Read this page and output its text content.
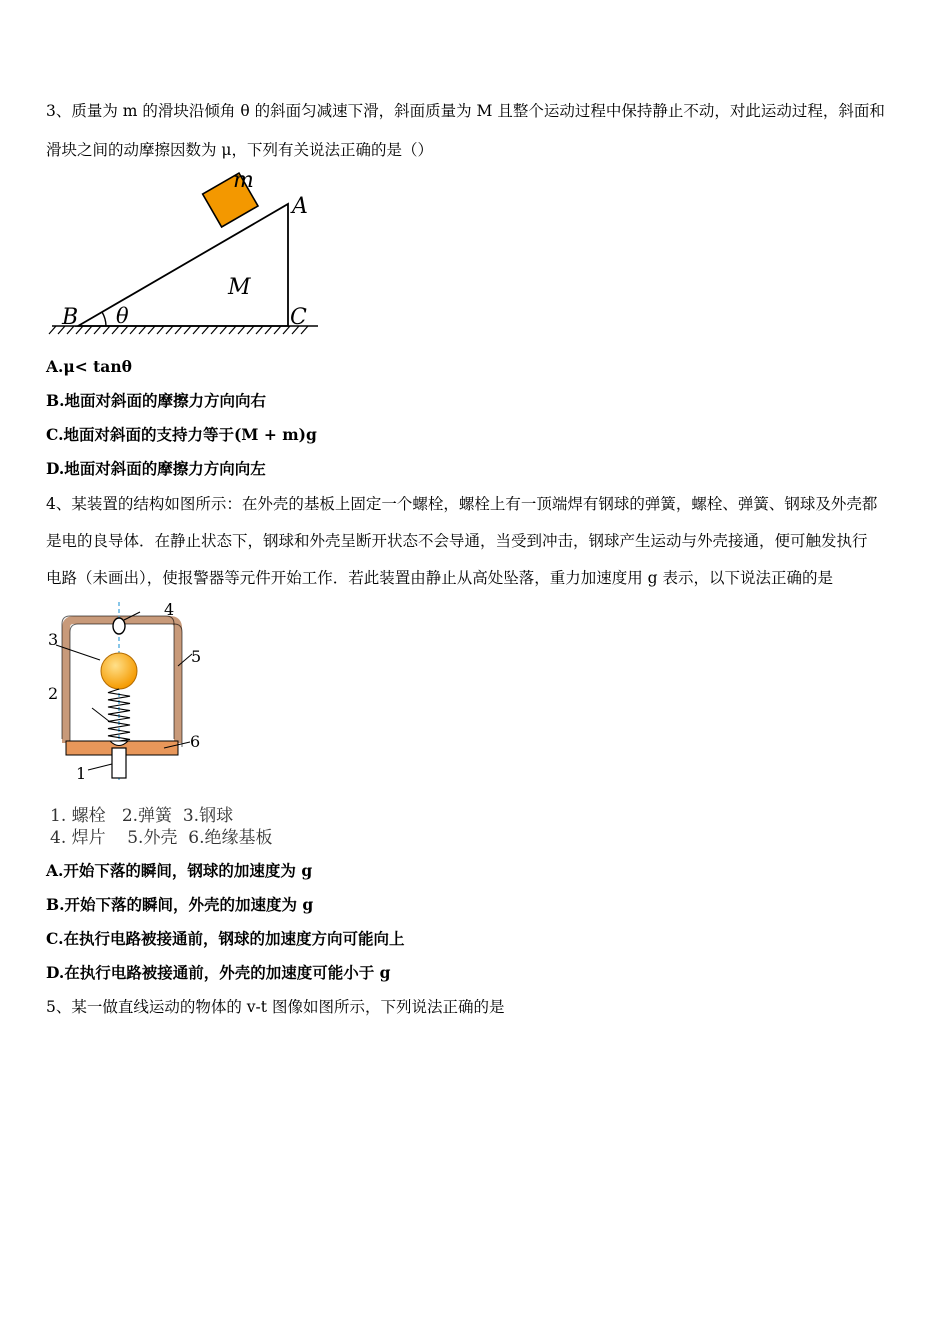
3、质量为 m 的滑块沿倾角 θ 的斜面匀减速下滑，斜面质量为 M 且整个运动过程中保持静止不动，对此运动过程，斜面和
滑块之间的动摩擦因数为 μ，下列有关说法正确的是（）
m
A
M
B θ	C
A.μ< tanθ
B.地面对斜面的摩擦力方向向右
C.地面对斜面的支持力等于(M + m)g
D.地面对斜面的摩擦力方向向左
4、某装置的结构如图所示：在外壳的基板上固定一个螺栓，螺栓上有一顶端焊有钢球的弹簧，螺栓、弹簧、钢球及外壳都
是电的良导体．在静止状态下，钢球和外壳呈断开状态不会导通，当受到冲击，钢球产生运动与外壳接通，便可触发执行
电路（未画出），使报警器等元件开始工作．若此装置由静止从高处坠落，重力加速度用 g 表示，以下说法正确的是
4
3
5
2
6
1
1. 螺栓   2.弹簧  3.钢球
4. 焊片    5.外壳  6.绝缘基板
A.开始下落的瞬间，钢球的加速度为 g
B.开始下落的瞬间，外壳的加速度为 g
C.在执行电路被接通前，钢球的加速度方向可能向上
D.在执行电路被接通前，外壳的加速度可能小于 g
5、某一做直线运动的物体的 v-t 图像如图所示，下列说法正确的是
